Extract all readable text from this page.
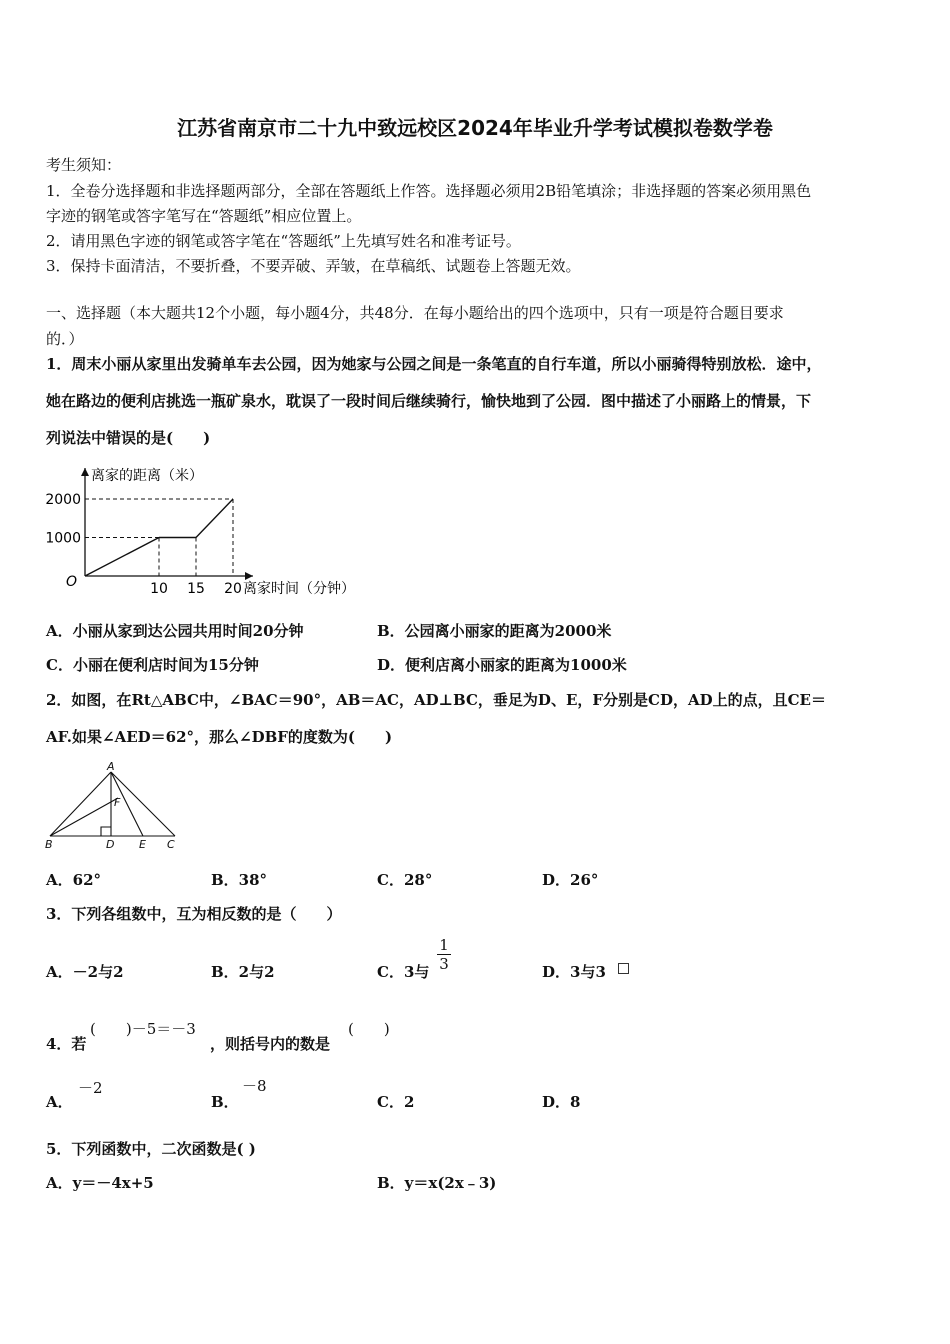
江苏省南京市二十九中致远校区2024年毕业升学考试模拟卷数学卷
考生须知：
1．全卷分选择题和非选择题两部分，全部在答题纸上作答。选择题必须用2B铅笔填涂；非选择题的答案必须用黑色
字迹的钢笔或答字笔写在“答题纸”相应位置上。
2．请用黑色字迹的钢笔或答字笔在“答题纸”上先填写姓名和准考证号。
3．保持卡面清洁，不要折叠，不要弄破、弄皱，在草稿纸、试题卷上答题无效。
一、选择题（本大题共12个小题，每小题4分，共48分．在每小题给出的四个选项中，只有一项是符合题目要求
的．）
1．周末小丽从家里出发骑单车去公园，因为她家与公园之间是一条笔直的自行车道，所以小丽骑得特别放松．途中，
她在路边的便利店挑选一瓶矿泉水，耽误了一段时间后继续骑行，愉快地到了公园．图中描述了小丽路上的情景，下
列说法中错误的是(　　)
离家的距离（米）
离家时间（分钟）
O
1000
2000
10 15 20
A．小丽从家到达公园共用时间20分钟	B．公园离小丽家的距离为2000米
C．小丽在便利店时间为15分钟	D．便利店离小丽家的距离为1000米
2．如图，在Rt△ABC中，∠BAC＝90°，AB＝AC，AD⊥BC，垂足为D、E，F分别是CD，AD上的点，且CE＝
AF.如果∠AED＝62°，那么∠DBF的度数为(　　)
A
B	D E C
F
A．62°	B．38°	C．28°	D．26°
3．下列各组数中，互为相反数的是（　　）
A．－2与2	B．2与2	C．3与
1
3	D．3与3
4．若
(　　)－5＝－3
，则括号内的数是
(　　)
A．
－2
B．
－8
C．2	D．8
5．下列函数中，二次函数是( )
A．y＝－4x+5	B．y＝x(2x﹣3)
